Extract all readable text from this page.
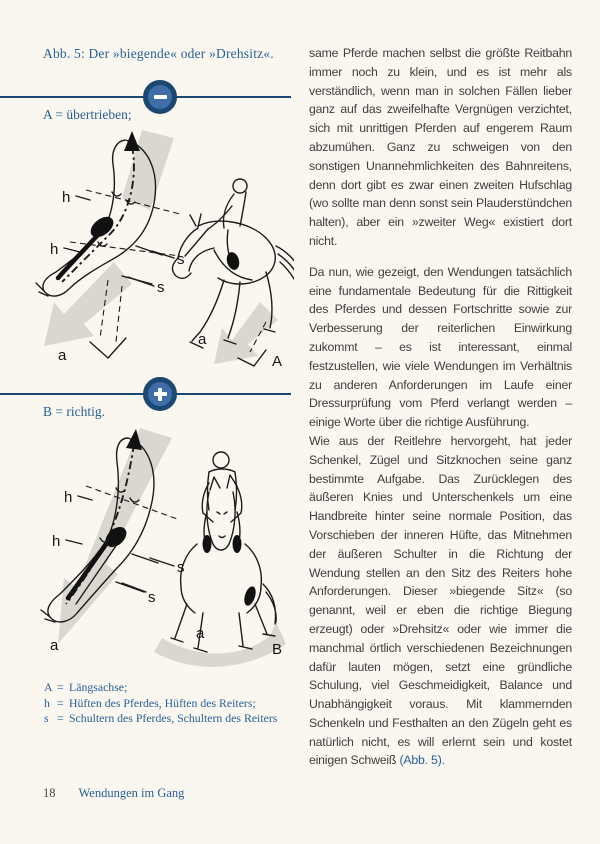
Abb. 5: Der »biegende« oder »Drehsitz«.
A = übertrieben;
h
h
s
s
a
a
A
B = richtig.
h
h
s
s
a
a
B
A = Längsachse;
h = Hüften des Pferdes, Hüften des Reiters;
s = Schultern des Pferdes, Schultern des Reiters
18 Wendungen im Gang

same Pferde machen selbst die größte Reitbahn immer noch zu klein, und es ist mehr als verständlich, wenn man in solchen Fällen lieber ganz auf das zweifelhafte Vergnügen verzichtet, sich mit unrittigen Pferden auf engerem Raum abzumühen. Ganz zu schweigen von den sonstigen Unannehmlichkeiten des Bahnreitens, denn dort gibt es zwar einen zweiten Hufschlag (wo sollte man denn sonst sein Plauderstündchen halten), aber ein »zweiter Weg« existiert dort nicht.

Da nun, wie gezeigt, den Wendungen tatsächlich eine fundamentale Bedeutung für die Rittigkeit des Pferdes und dessen Fortschritte sowie zur Verbesserung der reiterlichen Einwirkung zukommt – es ist interessant, einmal festzustellen, wie viele Wendungen im Verhältnis zu anderen Anforderungen im Laufe einer Dressurprüfung vom Pferd verlangt werden – einige Worte über die richtige Ausführung.

Wie aus der Reitlehre hervorgeht, hat jeder Schenkel, Zügel und Sitzknochen seine ganz bestimmte Aufgabe. Das Zurücklegen des äußeren Knies und Unterschenkels um eine Handbreite hinter seine normale Position, das Vorschieben der inneren Hüfte, das Mitnehmen der äußeren Schulter in die Richtung der Wendung stellen an den Sitz des Reiters hohe Anforderungen. Dieser »biegende Sitz« (so genannt, weil er eben die richtige Biegung erzeugt) oder »Drehsitz« oder wie immer die manchmal örtlich verschiedenen Bezeichnungen dafür lauten mögen, setzt eine gründliche Schulung, viel Geschmeidigkeit, Balance und Unabhängigkeit voraus. Mit klammernden Schenkeln und Festhalten an den Zügeln geht es natürlich nicht, es will erlernt sein und kostet einigen Schweiß (Abb. 5).
